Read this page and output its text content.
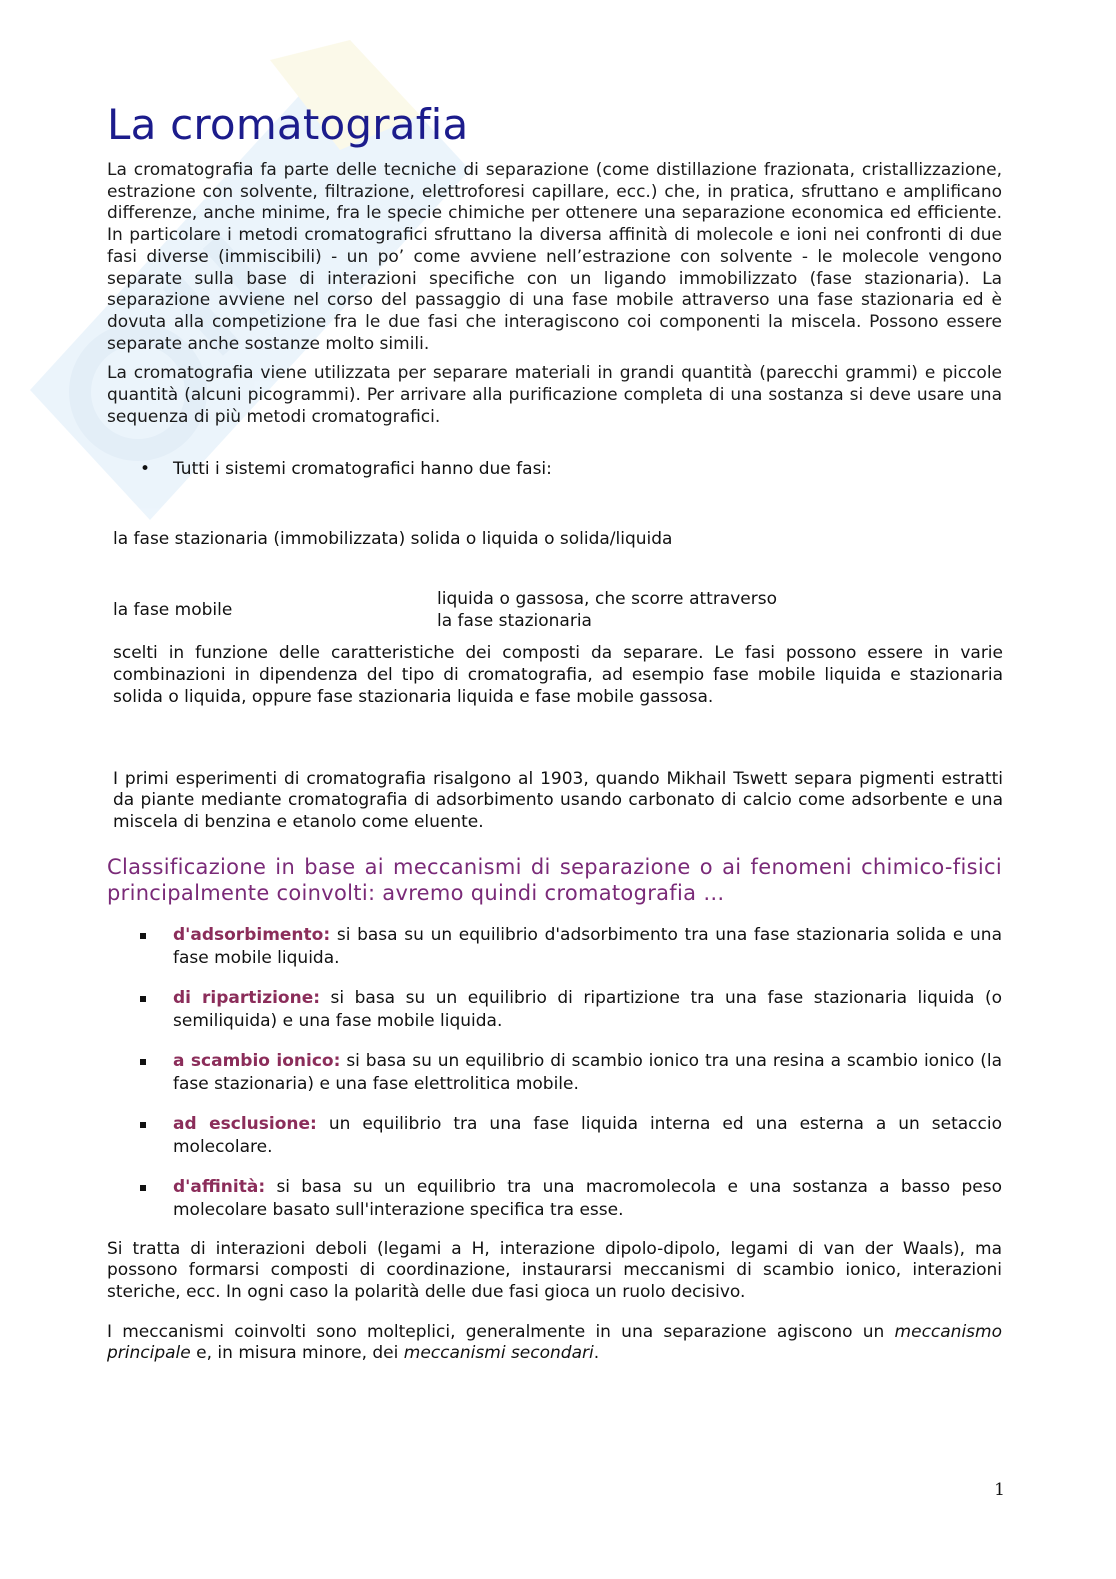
La cromatografia

La cromatografia fa parte delle tecniche di separazione (come distillazione frazionata, cristallizzazione, estrazione con solvente, filtrazione, elettroforesi capillare, ecc.) che, in pratica, sfruttano e amplificano differenze, anche minime, fra le specie chimiche per ottenere una separazione economica ed efficiente. In particolare i metodi cromatografici sfruttano la diversa affinità di molecole e ioni nei confronti di due fasi diverse (immiscibili) - un po’ come avviene nell’estrazione con solvente - le molecole vengono separate sulla base di interazioni specifiche con un ligando immobilizzato (fase stazionaria). La separazione avviene nel corso del passaggio di una fase mobile attraverso una fase stazionaria ed è dovuta alla competizione fra le due fasi che interagiscono coi componenti la miscela. Possono essere separate anche sostanze molto simili.

La cromatografia viene utilizzata per separare materiali in grandi quantità (parecchi grammi) e piccole quantità (alcuni picogrammi). Per arrivare alla purificazione completa di una sostanza si deve usare una sequenza di più metodi cromatografici.

•	Tutti i sistemi cromatografici hanno due fasi:
la fase stazionaria (immobilizzata) solida o liquida o solida/liquida
la fase mobile
liquida o gassosa, che scorre attraverso la fase stazionaria
scelti in funzione delle caratteristiche dei composti da separare. Le fasi possono essere in varie combinazioni in dipendenza del tipo di cromatografia, ad esempio fase mobile liquida e stazionaria solida o liquida, oppure fase stazionaria liquida e fase mobile gassosa.
I primi esperimenti di cromatografia risalgono al 1903, quando Mikhail Tswett separa pigmenti estratti da piante mediante cromatografia di adsorbimento usando carbonato di calcio come adsorbente e una miscela di benzina e etanolo come eluente.
Classificazione in base ai meccanismi di separazione o ai fenomeni chimico-fisici principalmente coinvolti: avremo quindi cromatografia …
d'adsorbimento: si basa su un equilibrio d'adsorbimento tra una fase stazionaria solida e una fase mobile liquida.
di ripartizione: si basa su un equilibrio di ripartizione tra una fase stazionaria liquida (o semiliquida) e una fase mobile liquida.
a scambio ionico: si basa su un equilibrio di scambio ionico tra una resina a scambio ionico (la fase stazionaria) e una fase elettrolitica mobile.
ad esclusione: un equilibrio tra una fase liquida interna ed una esterna a un setaccio molecolare.
d'affinità: si basa su un equilibrio tra una macromolecola e una sostanza a basso peso molecolare basato sull'interazione specifica tra esse.

Si tratta di interazioni deboli (legami a H, interazione dipolo-dipolo, legami di van der Waals), ma possono formarsi composti di coordinazione, instaurarsi meccanismi di scambio ionico, interazioni steriche, ecc. In ogni caso la polarità delle due fasi gioca un ruolo decisivo.

I meccanismi coinvolti sono molteplici, generalmente in una separazione agiscono un meccanismo principale e, in misura minore, dei meccanismi secondari.

1
